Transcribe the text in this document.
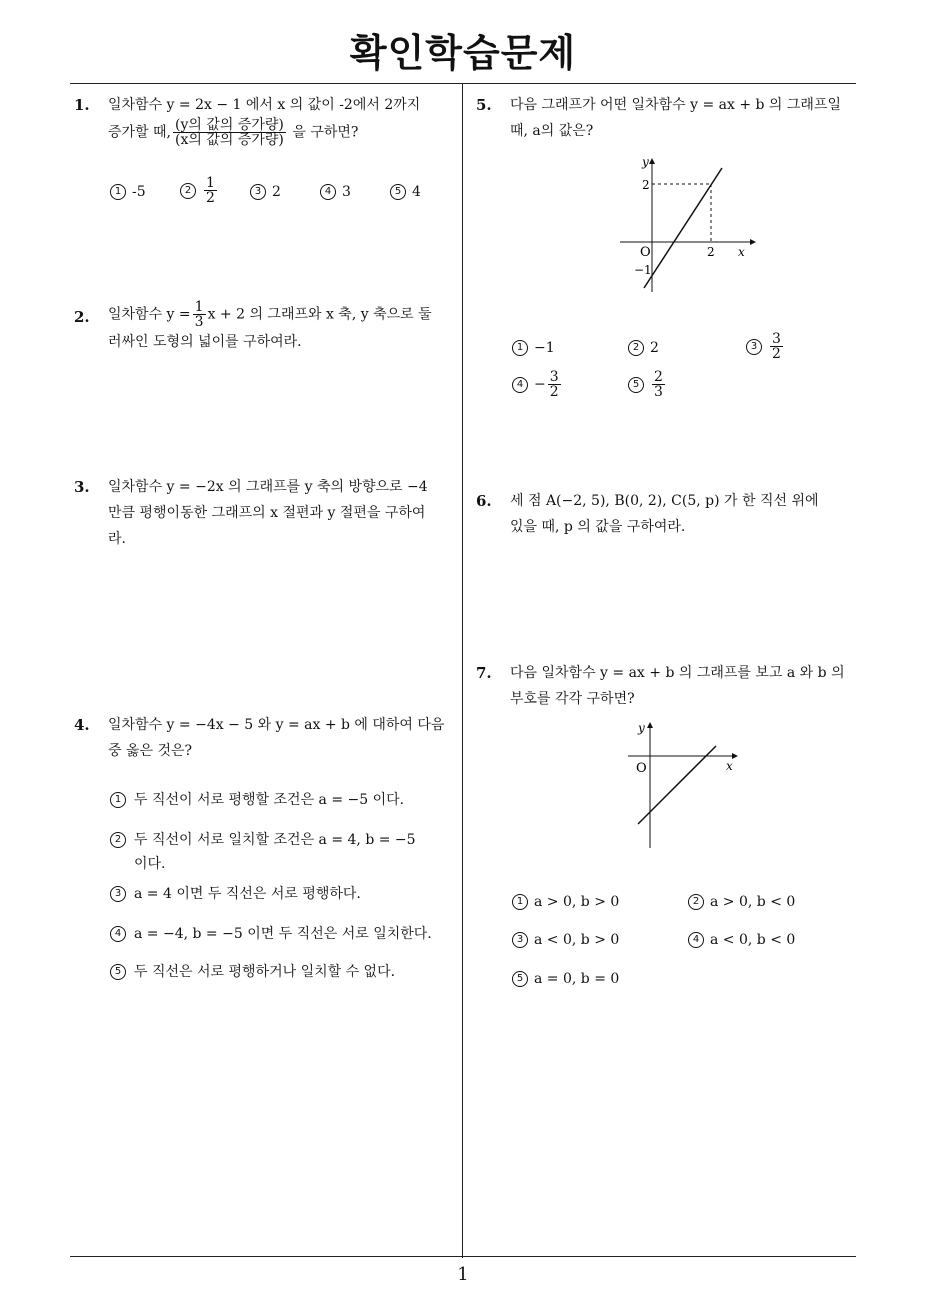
확인학습문제
1
1. 일차함수 y = 2x − 1 에서 x 의 값이 -2에서 2까지
증가할 때, $\frac{\text{(y의 값의 증가량)}}{\text{(x의 값의 증가량)}}$ 을 구하면?
1 -5	$2 \frac{1}{2}$	3 2	4 3	5 4
2. 일차함수 $y = \frac{1}{3}$ x + 2 의 그래프와 x 축, y 축으로 둘
러싸인 도형의 넓이를 구하여라.
3. 일차함수 y = −2x 의 그래프를 y 축의 방향으로 −4
만큼 평행이동한 그래프의 x 절편과 y 절편을 구하여
라.
4. 일차함수 y = −4x − 5 와 y = ax + b 에 대하여 다음
중 옳은 것은?
1 두 직선이 서로 평행할 조건은 a = −5 이다.
2 두 직선이 서로 일치할 조건은 a = 4, b = −5
이다.
3 a = 4 이면 두 직선은 서로 평행하다.
4 a = −4, b = −5 이면 두 직선은 서로 일치한다.
5 두 직선은 서로 평행하거나 일치할 수 없다.
5. 다음 그래프가 어떤 일차함수 y = ax + b 의 그래프일
때, a의 값은?
y
x
O
2
−1
2
1 −1	2 2	$3 \frac{3}{2}$
$4 - \frac{3}{2}$	$5 \frac{2}{3}$
6. 세 점 A(−2, 5), B(0, 2), C(5, p) 가 한 직선 위에
있을 때, p 의 값을 구하여라.
7. 다음 일차함수 y = ax + b 의 그래프를 보고 a 와 b 의
부호를 각각 구하면?
y
x
O
1 a > 0, b > 0	2 a > 0, b < 0
3 a < 0, b > 0	4 a < 0, b < 0
5 a = 0, b = 0
